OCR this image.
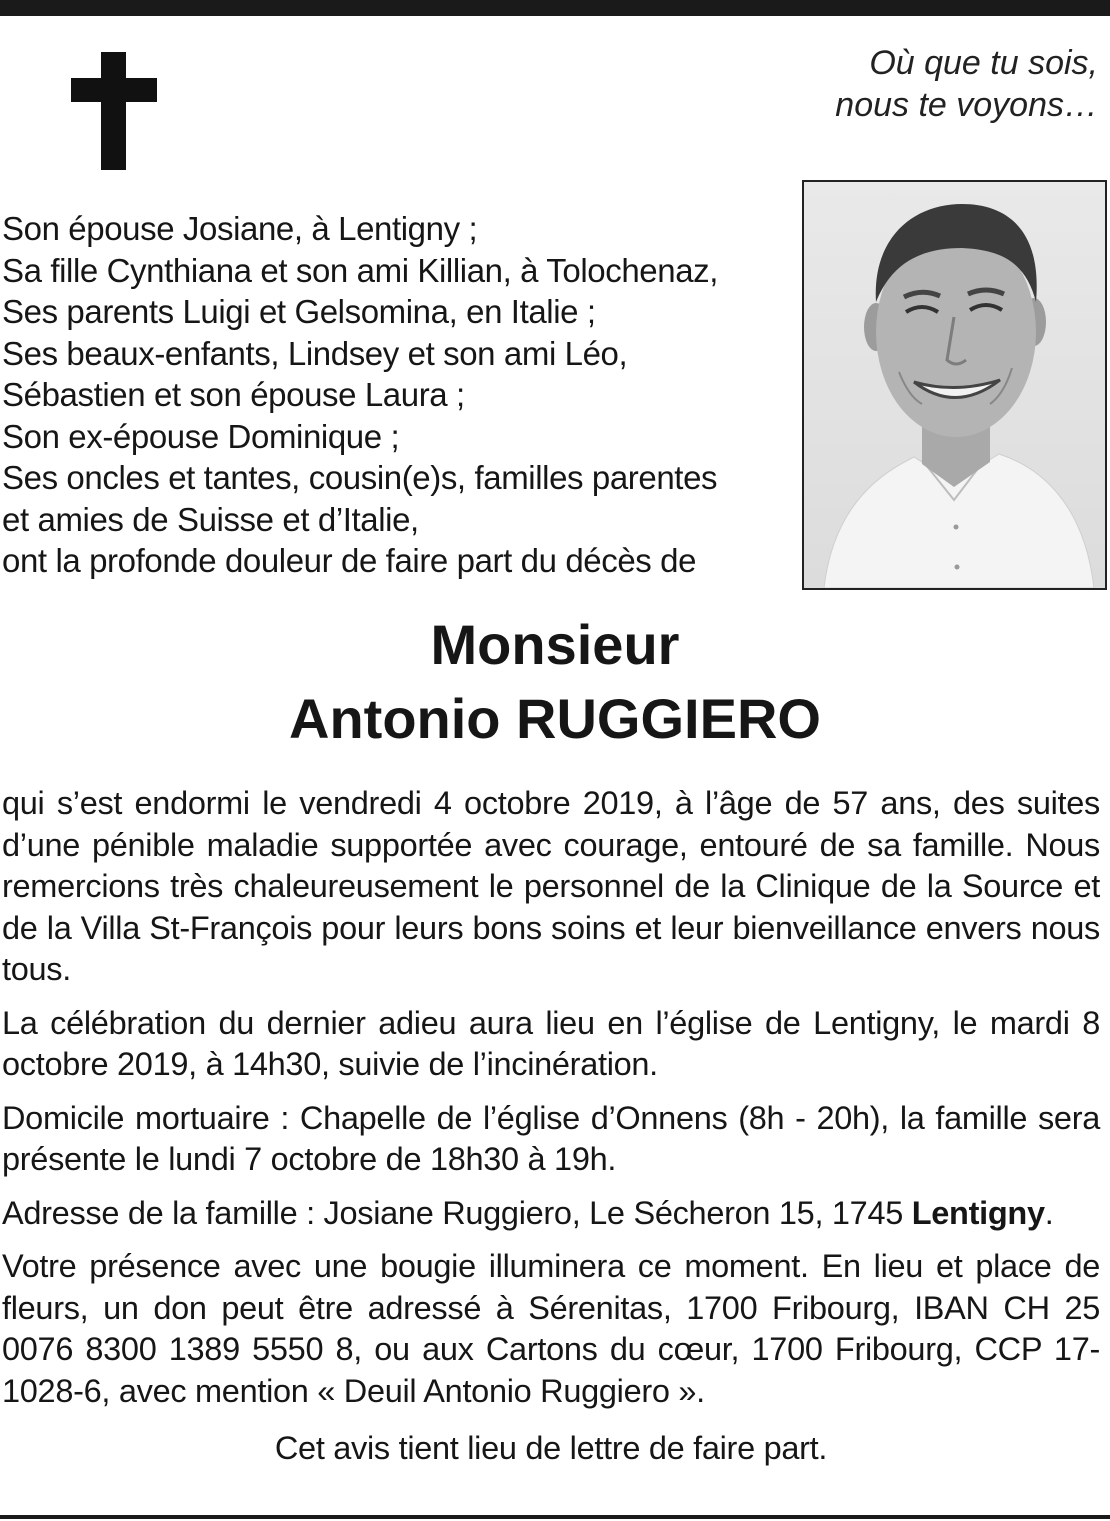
Où que tu sois,
nous te voyons…
Son épouse Josiane, à Lentigny ;
Sa fille Cynthiana et son ami Killian, à Tolochenaz,
Ses parents Luigi et Gelsomina, en Italie ;
Ses beaux-enfants, Lindsey et son ami Léo,
Sébastien et son épouse Laura ;
Son ex-épouse Dominique ;
Ses oncles et tantes, cousin(e)s, familles parentes
et amies de Suisse et d’Italie,
ont la profonde douleur de faire part du décès de
Monsieur
Antonio RUGGIERO

qui s’est endormi le vendredi 4 octobre 2019, à l’âge de 57 ans, des suites d’une pénible maladie supportée avec courage, entouré de sa famille. Nous remercions très chaleureusement le personnel de la Clinique de la Source et de la Villa St-François pour leurs bons soins et leur bienveillance envers nous tous.

La célébration du dernier adieu aura lieu en l’église de Lentigny, le mardi 8 octobre 2019, à 14h30, suivie de l’incinération.

Domicile mortuaire : Chapelle de l’église d’Onnens (8h - 20h), la famille sera présente le lundi 7 octobre de 18h30 à 19h.

Adresse de la famille : Josiane Ruggiero, Le Sécheron 15, 1745 Lentigny.

Votre présence avec une bougie illuminera ce moment. En lieu et place de fleurs, un don peut être adressé à Sérenitas, 1700 Fribourg, IBAN CH 25 0076 8300 1389 5550 8, ou aux Cartons du cœur, 1700 Fribourg, CCP 17-1028-6, avec mention « Deuil Antonio Ruggiero ».

Cet avis tient lieu de lettre de faire part.
